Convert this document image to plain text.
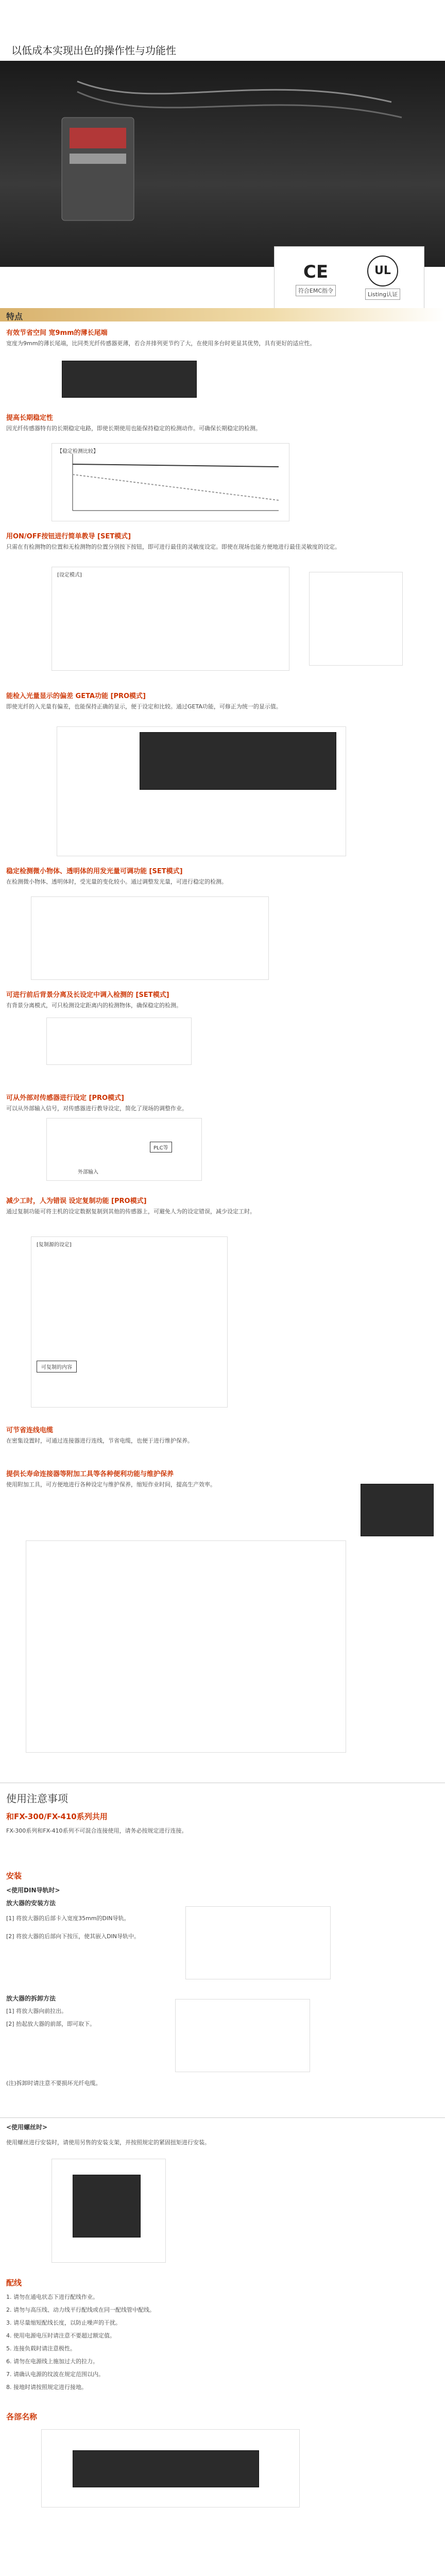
以低成本实现出色的操作性与功能性
CE
符合EMC指令
UL
Listing认证
特点
有效节省空间 宽9mm的薄长尾端

宽度为9mm的薄长尾端，比同类光纤传感器更薄，若合并排列更节约了大，在使用多台时更显其优势，具有更好的适应性。

提高长期稳定性

因光纤传感器特有的长期稳定电路，即使长期使用也能保持稳定的检测动作。可确保长期稳定的检测。

【稳定检测比较】
用ON/OFF按钮进行简单教导 [SET模式]

只需在有检测物的位置和无检测物的位置分别按下按钮，即可进行最佳的灵敏度设定。即使在现场也能方便地进行最佳灵敏度的设定。

[设定模式]
能检入光量显示的偏差 GETA功能 [PRO模式]

即使光纤的入光量有偏差，也能保持正确的显示，便于设定和比较。通过GETA功能，可修正为统一的显示值。

稳定检测微小物体、透明体的用发光量可调功能 [SET模式]

在检测微小物体、透明体时，受光量的变化较小。通过调整发光量，可进行稳定的检测。

可进行前后背景分离及长设定中调入检测的 [SET模式]

有背景分离模式，可只检测设定距离内的检测物体，确保稳定的检测。

可从外部对传感器进行设定 [PRO模式]

可以从外部输入信号，对传感器进行教导设定，简化了现场的调整作业。

PLC等
外部输入
减少工时，人为错误 设定复制功能 [PRO模式]

通过复制功能可将主机的设定数据复制到其他的传感器上，可避免人为的设定错误，减少设定工时。

[复制源的设定]
可复制的内容
可节省连线电缆

在密集设置时，可通过连接器进行连线，节省电缆，也便于进行维护保养。

提供长寿命连接器等附加工具等各种便利功能与维护保养

使用附加工具，可方便地进行各种设定与维护保养，缩短作业时间，提高生产效率。

使用注意事项
和FX-300/FX-410系列共用
FX-300系列和FX-410系列不可混合连接使用，请务必按规定进行连接。
安装
<使用DIN导轨时>
放大器的安装方法
[1] 将放大器的后部卡入宽度35mm的DIN导轨。
[2] 将放大器的后部向下按压，使其嵌入DIN导轨中。
放大器的拆卸方法
[1] 将放大器向前拉出。
[2] 抬起放大器的前部，即可取下。
(注)拆卸时请注意不要损坏光纤电缆。
<使用螺丝时>
使用螺丝进行安装时，请使用另售的安装支架，并按照规定的紧固扭矩进行安装。
配线
1. 请勿在通电状态下进行配线作业。
2. 请勿与高压线、动力线平行配线或在同一配线管中配线。
3. 请尽量缩短配线长度，以防止噪声的干扰。
4. 使用电源电压时请注意不要超过额定值。
5. 连接负载时请注意极性。
6. 请勿在电源线上施加过大的拉力。
7. 请确认电源的纹波在规定范围以内。
8. 接地时请按照规定进行接地。
各部名称
